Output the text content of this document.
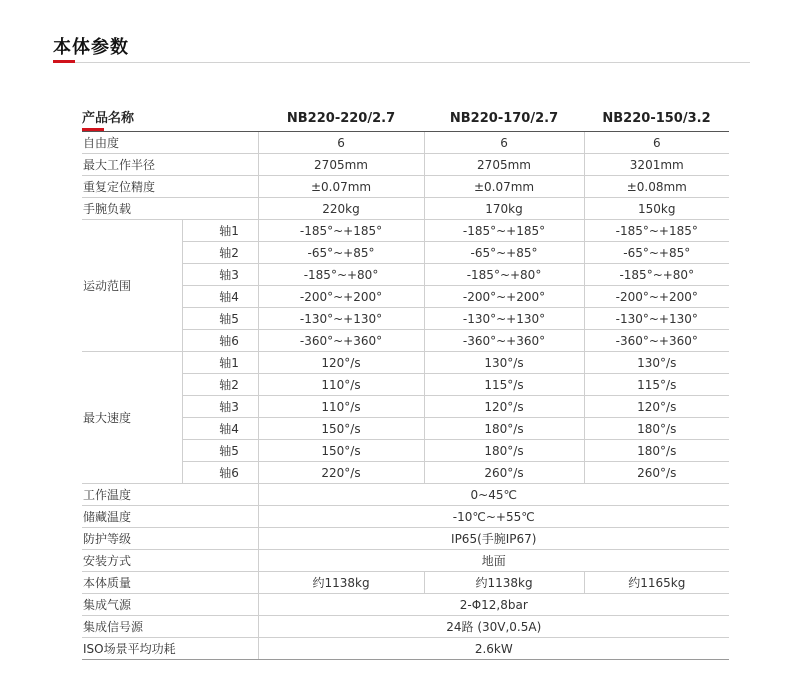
本体参数
产品名称		NB220-220/2.7	NB220-170/2.7	NB220-150/3.2
自由度		6	6	6
最大工作半径		2705mm	2705mm	3201mm
重复定位精度		±0.07mm	±0.07mm	±0.08mm
手腕负载		220kg	170kg	150kg
运动范围	轴1	-185°~+185°	-185°~+185°	-185°~+185°
	轴2	-65°~+85°	-65°~+85°	-65°~+85°
	轴3	-185°~+80°	-185°~+80°	-185°~+80°
	轴4	-200°~+200°	-200°~+200°	-200°~+200°
	轴5	-130°~+130°	-130°~+130°	-130°~+130°
	轴6	-360°~+360°	-360°~+360°	-360°~+360°
最大速度	轴1	120°/s	130°/s	130°/s
	轴2	110°/s	115°/s	115°/s
	轴3	110°/s	120°/s	120°/s
	轴4	150°/s	180°/s	180°/s
	轴5	150°/s	180°/s	180°/s
	轴6	220°/s	260°/s	260°/s
工作温度		0~45℃		
储藏温度		-10℃~+55℃		
防护等级		IP65(手腕IP67)		
安装方式		地面		
本体质量		约1138kg	约1138kg	约1165kg
集成气源		2-Φ12,8bar		
集成信号源		24路 (30V,0.5A)		
ISO场景平均功耗		2.6kW		
